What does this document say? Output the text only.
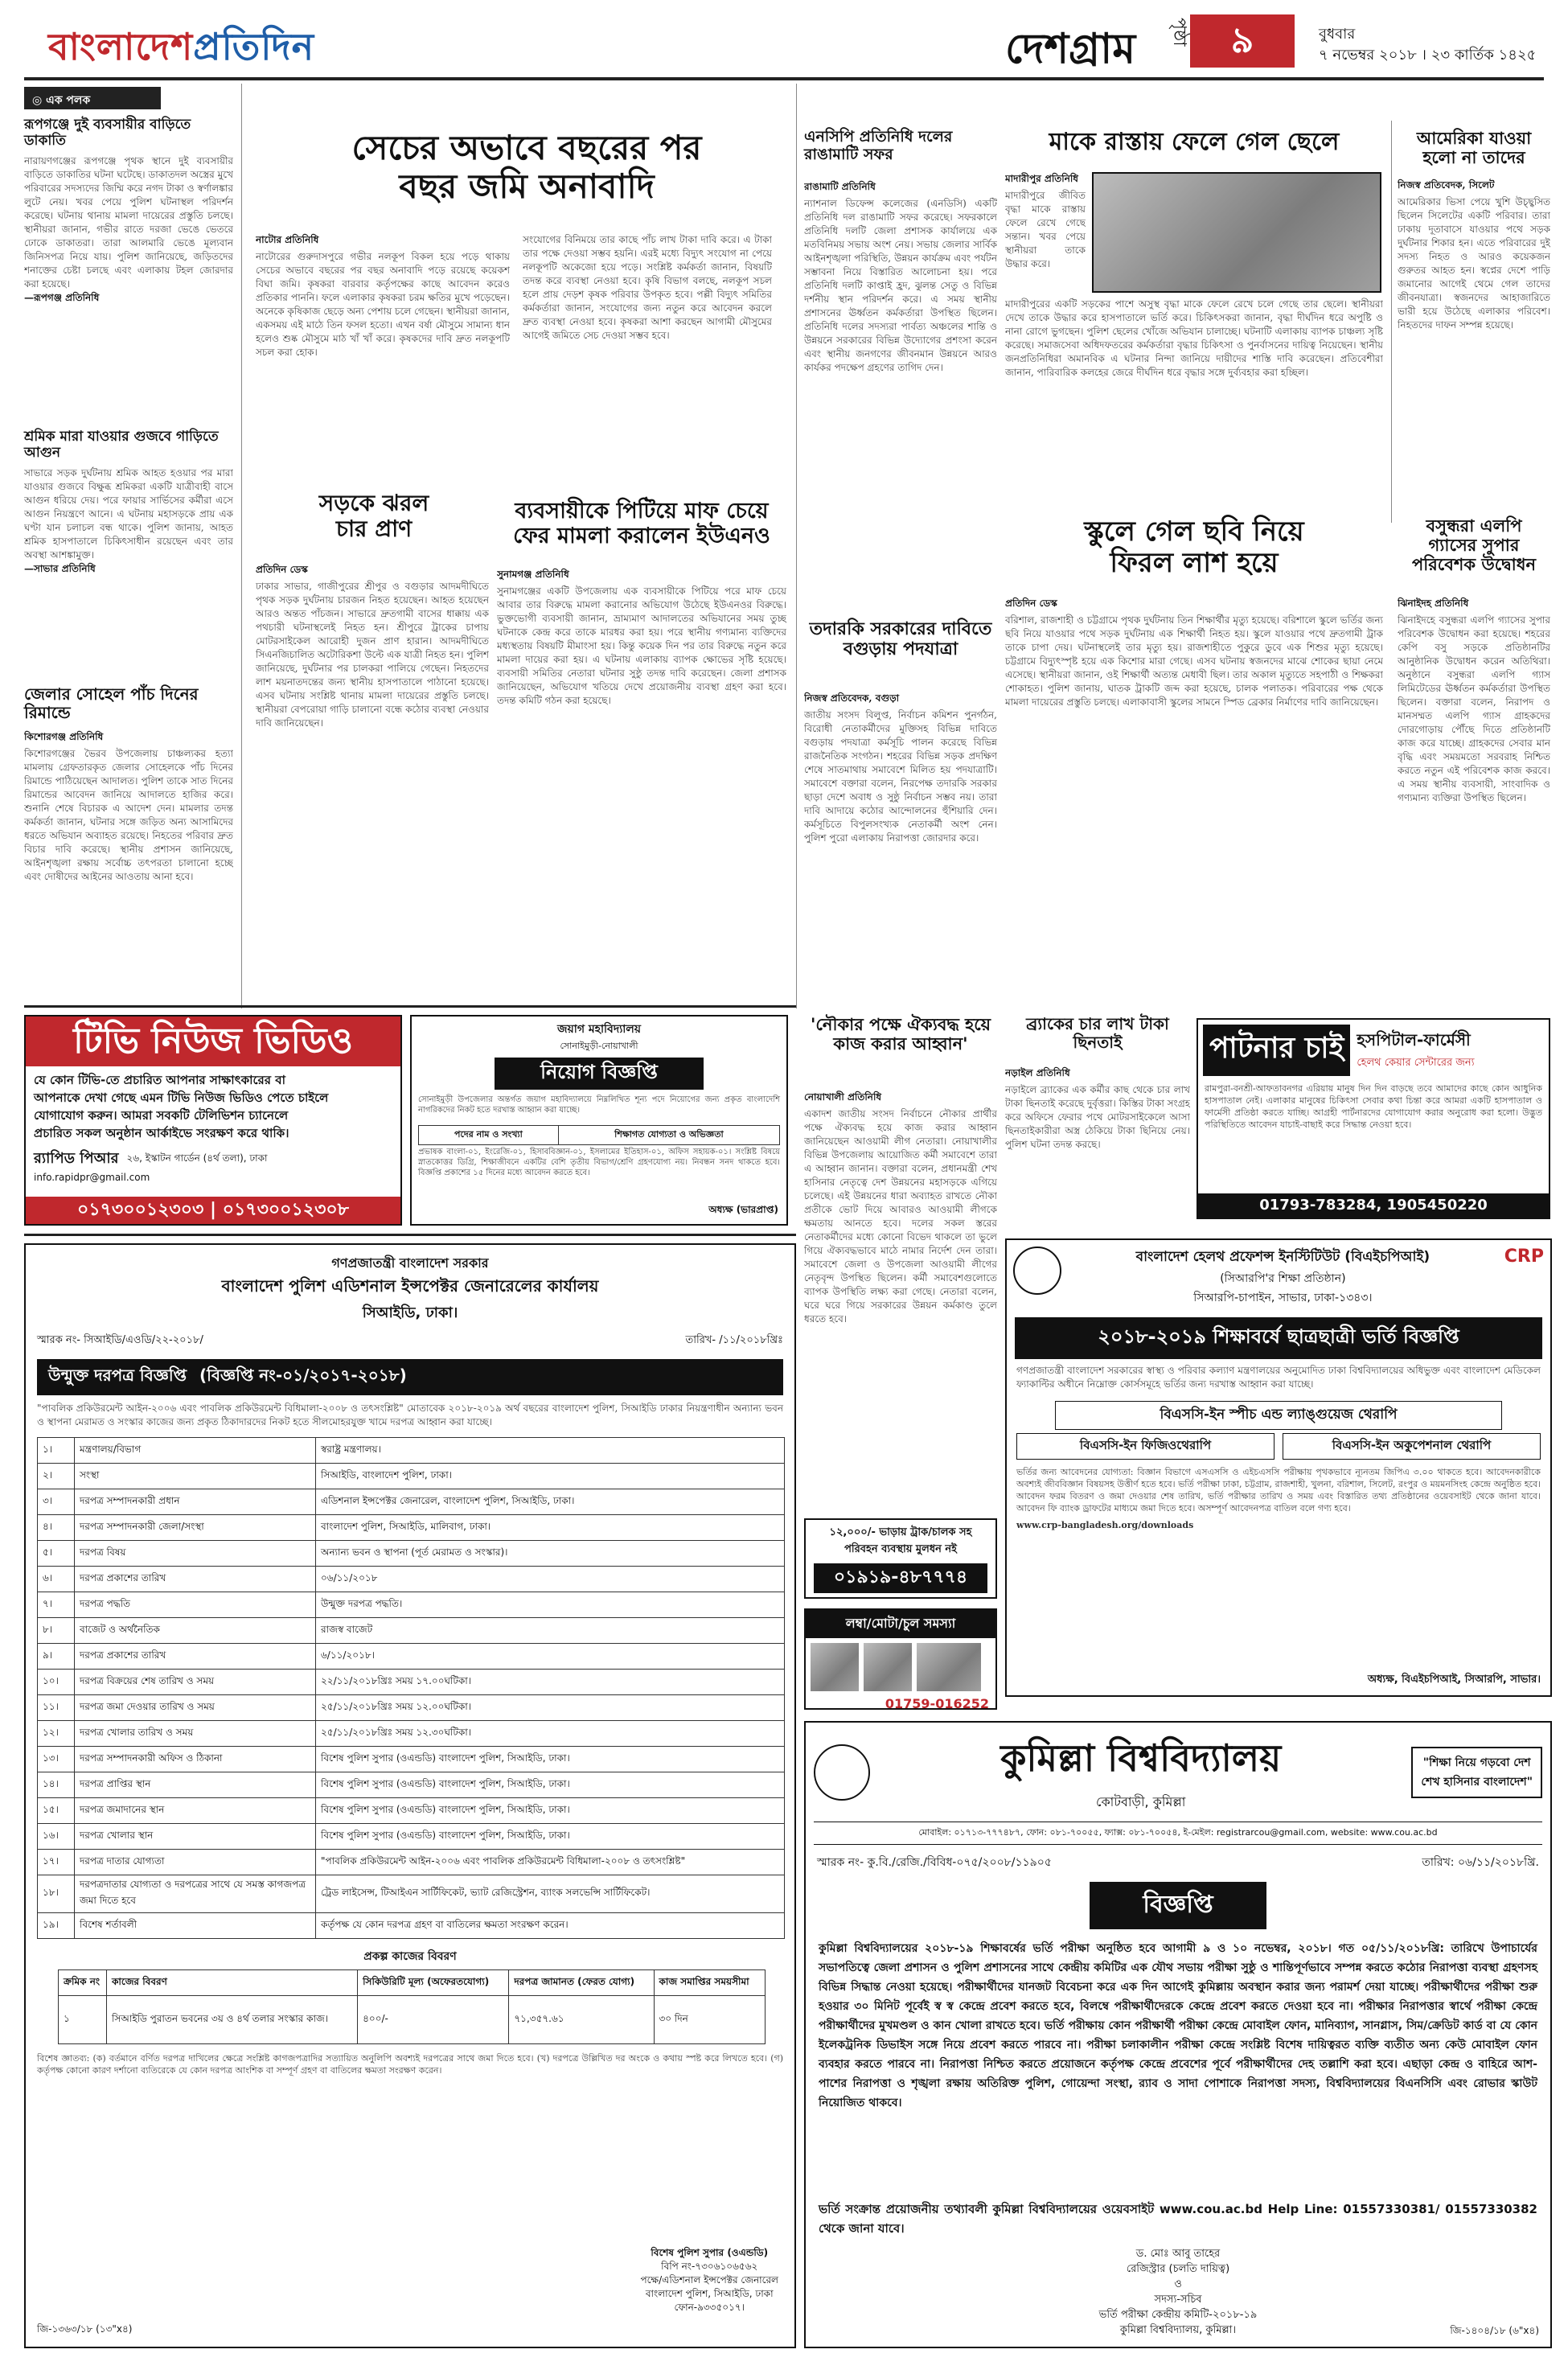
বাংলাদেশপ্রতিদিন	দেশগ্রাম পৃষ্ঠা	৯	বুধবার
৭ নভেম্বর ২০১৮ । ২৩ কার্তিক ১৪২৫
◎ এক পলক
রূপগঞ্জে দুই ব্যবসায়ীর বাড়িতে ডাকাতি
নারায়ণগঞ্জের রূপগঞ্জে পৃথক স্থানে দুই ব্যবসায়ীর বাড়িতে ডাকাতির ঘটনা ঘটেছে। ডাকাতদল অস্ত্রের মুখে পরিবারের সদস্যদের জিম্মি করে নগদ টাকা ও স্বর্ণালঙ্কার লুটে নেয়। খবর পেয়ে পুলিশ ঘটনাস্থল পরিদর্শন করেছে। ঘটনায় থানায় মামলা দায়েরের প্রস্তুতি চলছে। স্থানীয়রা জানান, গভীর রাতে দরজা ভেঙে ভেতরে ঢোকে ডাকাতরা। তারা আলমারি ভেঙে মূল্যবান জিনিসপত্র নিয়ে যায়। পুলিশ জানিয়েছে, জড়িতদের শনাক্তের চেষ্টা চলছে এবং এলাকায় টহল জোরদার করা হয়েছে।
—রূপগঞ্জ প্রতিনিধি
শ্রমিক মারা যাওয়ার গুজবে গাড়িতে আগুন
সাভারে সড়ক দুর্ঘটনায় শ্রমিক আহত হওয়ার পর মারা যাওয়ার গুজবে বিক্ষুব্ধ শ্রমিকরা একটি যাত্রীবাহী বাসে আগুন ধরিয়ে দেয়। পরে ফায়ার সার্ভিসের কর্মীরা এসে আগুন নিয়ন্ত্রণে আনে। এ ঘটনায় মহাসড়কে প্রায় এক ঘণ্টা যান চলাচল বন্ধ থাকে। পুলিশ জানায়, আহত শ্রমিক হাসপাতালে চিকিৎসাধীন রয়েছেন এবং তার অবস্থা আশঙ্কামুক্ত।
—সাভার প্রতিনিধি
জেলার সোহেল পাঁচ দিনের রিমান্ডে
কিশোরগঞ্জ প্রতিনিধি
কিশোরগঞ্জের ভৈরব উপজেলায় চাঞ্চল্যকর হত্যা মামলায় গ্রেফতারকৃত জেলার সোহেলকে পাঁচ দিনের রিমান্ডে পাঠিয়েছেন আদালত। পুলিশ তাকে সাত দিনের রিমান্ডের আবেদন জানিয়ে আদালতে হাজির করে। শুনানি শেষে বিচারক এ আদেশ দেন। মামলার তদন্ত কর্মকর্তা জানান, ঘটনার সঙ্গে জড়িত অন্য আসামিদের ধরতে অভিযান অব্যাহত রয়েছে। নিহতের পরিবার দ্রুত বিচার দাবি করেছে। স্থানীয় প্রশাসন জানিয়েছে, আইনশৃঙ্খলা রক্ষায় সর্বোচ্চ তৎপরতা চালানো হচ্ছে এবং দোষীদের আইনের আওতায় আনা হবে।
সেচের অভাবে বছরের পর
বছর জমি অনাবাদি
নাটোর প্রতিনিধি
নাটোরের গুরুদাসপুরে গভীর নলকূপ বিকল হয়ে পড়ে থাকায় সেচের অভাবে বছরের পর বছর অনাবাদি পড়ে রয়েছে কয়েকশ বিঘা জমি। কৃষকরা বারবার কর্তৃপক্ষের কাছে আবেদন করেও প্রতিকার পাননি। ফলে এলাকার কৃষকরা চরম ক্ষতির মুখে পড়েছেন। অনেকে কৃষিকাজ ছেড়ে অন্য পেশায় চলে গেছেন। স্থানীয়রা জানান, একসময় এই মাঠে তিন ফসল হতো। এখন বর্ষা মৌসুমে সামান্য ধান হলেও শুষ্ক মৌসুমে মাঠ খাঁ খাঁ করে। কৃষকদের দাবি দ্রুত নলকূপটি সচল করা হোক।
সংযোগের বিনিময়ে তার কাছে পাঁচ লাখ টাকা দাবি করে। এ টাকা তার পক্ষে দেওয়া সম্ভব হয়নি। এরই মধ্যে বিদ্যুৎ সংযোগ না পেয়ে নলকূপটি অকেজো হয়ে পড়ে। সংশ্লিষ্ট কর্মকর্তা জানান, বিষয়টি তদন্ত করে ব্যবস্থা নেওয়া হবে। কৃষি বিভাগ বলছে, নলকূপ সচল হলে প্রায় দেড়শ কৃষক পরিবার উপকৃত হবে। পল্লী বিদ্যুৎ সমিতির কর্মকর্তারা জানান, সংযোগের জন্য নতুন করে আবেদন করলে দ্রুত ব্যবস্থা নেওয়া হবে। কৃষকরা আশা করছেন আগামী মৌসুমের আগেই জমিতে সেচ দেওয়া সম্ভব হবে।
সড়কে ঝরল
চার প্রাণ
প্রতিদিন ডেস্ক
ঢাকার সাভার, গাজীপুরের শ্রীপুর ও বগুড়ার আদমদীঘিতে পৃথক সড়ক দুর্ঘটনায় চারজন নিহত হয়েছেন। আহত হয়েছেন আরও অন্তত পাঁচজন। সাভারে দ্রুতগামী বাসের ধাক্কায় এক পথচারী ঘটনাস্থলেই নিহত হন। শ্রীপুরে ট্রাকের চাপায় মোটরসাইকেল আরোহী দুজন প্রাণ হারান। আদমদীঘিতে সিএনজিচালিত অটোরিকশা উল্টে এক যাত্রী নিহত হন। পুলিশ জানিয়েছে, দুর্ঘটনার পর চালকরা পালিয়ে গেছেন। নিহতদের লাশ ময়নাতদন্তের জন্য স্থানীয় হাসপাতালে পাঠানো হয়েছে। এসব ঘটনায় সংশ্লিষ্ট থানায় মামলা দায়েরের প্রস্তুতি চলছে। স্থানীয়রা বেপরোয়া গাড়ি চালানো বন্ধে কঠোর ব্যবস্থা নেওয়ার দাবি জানিয়েছেন।
ব্যবসায়ীকে পিটিয়ে মাফ চেয়ে
ফের মামলা করালেন ইউএনও
সুনামগঞ্জ প্রতিনিধি
সুনামগঞ্জের একটি উপজেলায় এক ব্যবসায়ীকে পিটিয়ে পরে মাফ চেয়ে আবার তার বিরুদ্ধে মামলা করানোর অভিযোগ উঠেছে ইউএনওর বিরুদ্ধে। ভুক্তভোগী ব্যবসায়ী জানান, ভ্রাম্যমাণ আদালতের অভিযানের সময় তুচ্ছ ঘটনাকে কেন্দ্র করে তাকে মারধর করা হয়। পরে স্থানীয় গণ্যমান্য ব্যক্তিদের মধ্যস্থতায় বিষয়টি মীমাংসা হয়। কিন্তু কয়েক দিন পর তার বিরুদ্ধে নতুন করে মামলা দায়ের করা হয়। এ ঘটনায় এলাকায় ব্যাপক ক্ষোভের সৃষ্টি হয়েছে। ব্যবসায়ী সমিতির নেতারা ঘটনার সুষ্ঠু তদন্ত দাবি করেছেন। জেলা প্রশাসক জানিয়েছেন, অভিযোগ খতিয়ে দেখে প্রয়োজনীয় ব্যবস্থা গ্রহণ করা হবে। তদন্ত কমিটি গঠন করা হয়েছে।
এনসিপি প্রতিনিধি দলের রাঙামাটি সফর
রাঙামাটি প্রতিনিধি
ন্যাশনাল ডিফেন্স কলেজের (এনডিসি) একটি প্রতিনিধি দল রাঙামাটি সফর করেছে। সফরকালে প্রতিনিধি দলটি জেলা প্রশাসক কার্যালয়ে এক মতবিনিময় সভায় অংশ নেয়। সভায় জেলার সার্বিক আইনশৃঙ্খলা পরিস্থিতি, উন্নয়ন কার্যক্রম এবং পর্যটন সম্ভাবনা নিয়ে বিস্তারিত আলোচনা হয়। পরে প্রতিনিধি দলটি কাপ্তাই হ্রদ, ঝুলন্ত সেতু ও বিভিন্ন দর্শনীয় স্থান পরিদর্শন করে। এ সময় স্থানীয় প্রশাসনের ঊর্ধ্বতন কর্মকর্তারা উপস্থিত ছিলেন। প্রতিনিধি দলের সদস্যরা পার্বত্য অঞ্চলের শান্তি ও উন্নয়নে সরকারের বিভিন্ন উদ্যোগের প্রশংসা করেন এবং স্থানীয় জনগণের জীবনমান উন্নয়নে আরও কার্যকর পদক্ষেপ গ্রহণের তাগিদ দেন।
তদারকি সরকারের দাবিতে বগুড়ায় পদযাত্রা
নিজস্ব প্রতিবেদক, বগুড়া
জাতীয় সংসদ বিলুপ্ত, নির্বাচন কমিশন পুনর্গঠন, বিরোধী নেতাকর্মীদের মুক্তিসহ বিভিন্ন দাবিতে বগুড়ায় পদযাত্রা কর্মসূচি পালন করেছে বিভিন্ন রাজনৈতিক সংগঠন। শহরের বিভিন্ন সড়ক প্রদক্ষিণ শেষে সাতমাথায় সমাবেশে মিলিত হয় পদযাত্রাটি। সমাবেশে বক্তারা বলেন, নিরপেক্ষ তদারকি সরকার ছাড়া দেশে অবাধ ও সুষ্ঠু নির্বাচন সম্ভব নয়। তারা দাবি আদায়ে কঠোর আন্দোলনের হুঁশিয়ারি দেন। কর্মসূচিতে বিপুলসংখ্যক নেতাকর্মী অংশ নেন। পুলিশ পুরো এলাকায় নিরাপত্তা জোরদার করে।
মাকে রাস্তায় ফেলে গেল ছেলে
মাদারীপুর প্রতিনিধি
মাদারীপুরে জীবিত বৃদ্ধা মাকে রাস্তায় ফেলে রেখে গেছে সন্তান। খবর পেয়ে স্থানীয়রা তাকে উদ্ধার করে।
মাদারীপুরের একটি সড়কের পাশে অসুস্থ বৃদ্ধা মাকে ফেলে রেখে চলে গেছে তার ছেলে। স্থানীয়রা দেখে তাকে উদ্ধার করে হাসপাতালে ভর্তি করে। চিকিৎসকরা জানান, বৃদ্ধা দীর্ঘদিন ধরে অপুষ্টি ও নানা রোগে ভুগছেন। পুলিশ ছেলের খোঁজে অভিযান চালাচ্ছে। ঘটনাটি এলাকায় ব্যাপক চাঞ্চল্য সৃষ্টি করেছে। সমাজসেবা অধিদফতরের কর্মকর্তারা বৃদ্ধার চিকিৎসা ও পুনর্বাসনের দায়িত্ব নিয়েছেন। স্থানীয় জনপ্রতিনিধিরা অমানবিক এ ঘটনার নিন্দা জানিয়ে দায়ীদের শাস্তি দাবি করেছেন। প্রতিবেশীরা জানান, পারিবারিক কলহের জেরে দীর্ঘদিন ধরে বৃদ্ধার সঙ্গে দুর্ব্যবহার করা হচ্ছিল।
আমেরিকা যাওয়া
হলো না তাদের
নিজস্ব প্রতিবেদক, সিলেট
আমেরিকার ভিসা পেয়ে খুশি উচ্ছ্বসিত ছিলেন সিলেটের একটি পরিবার। তারা ঢাকায় দূতাবাসে যাওয়ার পথে সড়ক দুর্ঘটনার শিকার হন। এতে পরিবারের দুই সদস্য নিহত ও আরও কয়েকজন গুরুতর আহত হন। স্বপ্নের দেশে পাড়ি জমানোর আগেই থেমে গেল তাদের জীবনযাত্রা। স্বজনদের আহাজারিতে ভারী হয়ে উঠেছে এলাকার পরিবেশ। নিহতদের দাফন সম্পন্ন হয়েছে।
স্কুলে গেল ছবি নিয়ে
ফিরল লাশ হয়ে
প্রতিদিন ডেস্ক
বরিশাল, রাজশাহী ও চট্টগ্রামে পৃথক দুর্ঘটনায় তিন শিক্ষার্থীর মৃত্যু হয়েছে। বরিশালে স্কুলে ভর্তির জন্য ছবি নিয়ে যাওয়ার পথে সড়ক দুর্ঘটনায় এক শিক্ষার্থী নিহত হয়। স্কুলে যাওয়ার পথে দ্রুতগামী ট্রাক তাকে চাপা দেয়। ঘটনাস্থলেই তার মৃত্যু হয়। রাজশাহীতে পুকুরে ডুবে এক শিশুর মৃত্যু হয়েছে। চট্টগ্রামে বিদ্যুৎস্পৃষ্ট হয়ে এক কিশোর মারা গেছে। এসব ঘটনায় স্বজনদের মাঝে শোকের ছায়া নেমে এসেছে। স্থানীয়রা জানান, ওই শিক্ষার্থী অত্যন্ত মেধাবী ছিল। তার অকাল মৃত্যুতে সহপাঠী ও শিক্ষকরা শোকাহত। পুলিশ জানায়, ঘাতক ট্রাকটি জব্দ করা হয়েছে, চালক পলাতক। পরিবারের পক্ষ থেকে মামলা দায়েরের প্রস্তুতি চলছে। এলাকাবাসী স্কুলের সামনে স্পিড ব্রেকার নির্মাণের দাবি জানিয়েছেন।
বসুন্ধরা এলপি
গ্যাসের সুপার
পরিবেশক উদ্বোধন
ঝিনাইদহ প্রতিনিধি
ঝিনাইদহে বসুন্ধরা এলপি গ্যাসের সুপার পরিবেশক উদ্বোধন করা হয়েছে। শহরের কেপি বসু সড়কে প্রতিষ্ঠানটির আনুষ্ঠানিক উদ্বোধন করেন অতিথিরা। অনুষ্ঠানে বসুন্ধরা এলপি গ্যাস লিমিটেডের ঊর্ধ্বতন কর্মকর্তারা উপস্থিত ছিলেন। বক্তারা বলেন, নিরাপদ ও মানসম্মত এলপি গ্যাস গ্রাহকদের দোরগোড়ায় পৌঁছে দিতে প্রতিষ্ঠানটি কাজ করে যাচ্ছে। গ্রাহকদের সেবার মান বৃদ্ধি এবং সময়মতো সরবরাহ নিশ্চিত করতে নতুন এই পরিবেশক কাজ করবে। এ সময় স্থানীয় ব্যবসায়ী, সাংবাদিক ও গণ্যমান্য ব্যক্তিরা উপস্থিত ছিলেন।
টিভি নিউজ ভিডিও
যে কোন টিভি-তে প্রচারিত আপনার সাক্ষাৎকারের বা
আপনাকে দেখা গেছে এমন টিভি নিউজ ভিডিও পেতে চাইলে
যোগাযোগ করুন। আমরা সবকটি টেলিভিশন চ্যানেলে
প্রচারিত সকল অনুষ্ঠান আর্কাইভে সংরক্ষণ করে থাকি।
র‍্যাপিড পিআর ২৬, ইস্কাটন গার্ডেন (৪র্থ তলা), ঢাকা
info.rapidpr@gmail.com
০১৭৩০০১২৩০৩ | ০১৭৩০০১২৩০৮
জয়াগ মহাবিদ্যালয়
সোনাইমুড়ী-নোয়াখালী
নিয়োগ বিজ্ঞপ্তি
সোনাইমুড়ী উপজেলার অন্তর্গত জয়াগ মহাবিদ্যালয়ে নিম্নলিখিত শূন্য পদে নিয়োগের জন্য প্রকৃত বাংলাদেশি নাগরিকদের নিকট হতে দরখাস্ত আহ্বান করা যাচ্ছে।
পদের নাম ও সংখ্যা	শিক্ষাগত যোগ্যতা ও অভিজ্ঞতা
প্রভাষক বাংলা-০১, ইংরেজি-০১, হিসাববিজ্ঞান-০১, ইসলামের ইতিহাস-০১, অফিস সহায়ক-০১। সংশ্লিষ্ট বিষয়ে স্নাতকোত্তর ডিগ্রি, শিক্ষাজীবনে একটির বেশি তৃতীয় বিভাগ/শ্রেণি গ্রহণযোগ্য নয়। নিবন্ধন সনদ থাকতে হবে। বিজ্ঞপ্তি প্রকাশের ১৫ দিনের মধ্যে আবেদন করতে হবে।
অধ্যক্ষ (ভারপ্রাপ্ত)
'নৌকার পক্ষে ঐক্যবদ্ধ হয়ে কাজ করার আহ্বান'
নোয়াখালী প্রতিনিধি
একাদশ জাতীয় সংসদ নির্বাচনে নৌকার প্রার্থীর পক্ষে ঐক্যবদ্ধ হয়ে কাজ করার আহ্বান জানিয়েছেন আওয়ামী লীগ নেতারা। নোয়াখালীর বিভিন্ন উপজেলায় আয়োজিত কর্মী সমাবেশে তারা এ আহ্বান জানান। বক্তারা বলেন, প্রধানমন্ত্রী শেখ হাসিনার নেতৃত্বে দেশ উন্নয়নের মহাসড়কে এগিয়ে চলেছে। এই উন্নয়নের ধারা অব্যাহত রাখতে নৌকা প্রতীকে ভোট দিয়ে আবারও আওয়ামী লীগকে ক্ষমতায় আনতে হবে। দলের সকল স্তরের নেতাকর্মীদের মধ্যে কোনো বিভেদ থাকলে তা ভুলে গিয়ে ঐক্যবদ্ধভাবে মাঠে নামার নির্দেশ দেন তারা। সমাবেশে জেলা ও উপজেলা আওয়ামী লীগের নেতৃবৃন্দ উপস্থিত ছিলেন। কর্মী সমাবেশগুলোতে ব্যাপক উপস্থিতি লক্ষ্য করা গেছে। নেতারা বলেন, ঘরে ঘরে গিয়ে সরকারের উন্নয়ন কর্মকাণ্ড তুলে ধরতে হবে।
ব্র্যাকের চার লাখ টাকা ছিনতাই
নড়াইল প্রতিনিধি
নড়াইলে ব্র্যাকের এক কর্মীর কাছ থেকে চার লাখ টাকা ছিনতাই করেছে দুর্বৃত্তরা। কিস্তির টাকা সংগ্রহ করে অফিসে ফেরার পথে মোটরসাইকেলে আসা ছিনতাইকারীরা অস্ত্র ঠেকিয়ে টাকা ছিনিয়ে নেয়। পুলিশ ঘটনা তদন্ত করছে।
পাটনার চাই হসপিটাল-ফার্মেসী
হেলথ কেয়ার সেন্টারের জন্য
রামপুরা-বনশ্রী-আফতাবনগর এরিয়ায় মানুষ দিন দিন বাড়ছে তবে আমাদের কাছে কোন আধুনিক হাসপাতাল নেই। এলাকার মানুষের চিকিৎসা সেবার কথা চিন্তা করে আমরা একটি হাসপাতাল ও ফার্মেসী প্রতিষ্ঠা করতে যাচ্ছি। আগ্রহী পার্টনারদের যোগাযোগ করার অনুরোধ করা হলো। উদ্ভুত পরিস্থিতিতে আবেদন যাচাই-বাছাই করে সিদ্ধান্ত নেওয়া হবে।
01793-783284, 1905450220
১২,০০০/- ভাড়ায় ট্রাক/চালক সহ
পরিবহন ব্যবস্থায় মুলধন নই
০১৯১৯-৪৮৭৭৭৪
লম্বা/মোটা/চুল সমস্যা
01759-016252
বাংলাদেশ হেলথ প্রফেশন্স ইনস্টিটিউট (বিএইচপিআই)
(সিআরপি'র শিক্ষা প্রতিষ্ঠান)
সিআরপি-চাপাইন, সাভার, ঢাকা-১৩৪৩।
CRP
২০১৮-২০১৯ শিক্ষাবর্ষে ছাত্রছাত্রী ভর্তি বিজ্ঞপ্তি
গণপ্রজাতন্ত্রী বাংলাদেশ সরকারের স্বাস্থ্য ও পরিবার কল্যাণ মন্ত্রণালয়ের অনুমোদিত ঢাকা বিশ্ববিদ্যালয়ের অধিভুক্ত এবং বাংলাদেশ মেডিকেল ফ্যাকাল্টির অধীনে নিম্নোক্ত কোর্সসমূহে ভর্তির জন্য দরখাস্ত আহ্বান করা যাচ্ছে।
বিএসসি-ইন স্পীচ এন্ড ল্যাঙ্গুয়েজ থেরাপি
বিএসসি-ইন ফিজিওথেরাপি	বিএসসি-ইন অকুপেশনাল থেরাপি
ভর্তির জন্য আবেদনের যোগ্যতা: বিজ্ঞান বিভাগে এসএসসি ও এইচএসসি পরীক্ষায় পৃথকভাবে ন্যূনতম জিপিএ ৩.০০ থাকতে হবে। আবেদনকারীকে অবশ্যই জীববিজ্ঞান বিষয়সহ উত্তীর্ণ হতে হবে। ভর্তি পরীক্ষা ঢাকা, চট্টগ্রাম, রাজশাহী, খুলনা, বরিশাল, সিলেট, রংপুর ও ময়মনসিংহ কেন্দ্রে অনুষ্ঠিত হবে। আবেদন ফরম বিতরণ ও জমা দেওয়ার শেষ তারিখ, ভর্তি পরীক্ষার তারিখ ও সময় এবং বিস্তারিত তথ্য প্রতিষ্ঠানের ওয়েবসাইট থেকে জানা যাবে। আবেদন ফি ব্যাংক ড্রাফটের মাধ্যমে জমা দিতে হবে। অসম্পূর্ণ আবেদনপত্র বাতিল বলে গণ্য হবে।
www.crp-bangladesh.org/downloads
অধ্যক্ষ, বিএইচপিআই, সিআরপি, সাভার।
গণপ্রজাতন্ত্রী বাংলাদেশ সরকার
বাংলাদেশ পুলিশ এডিশনাল ইন্সপেক্টর জেনারেলের কার্যালয়
সিআইডি, ঢাকা।
স্মারক নং- সিআইডি/এওডি/২২-২০১৮/	তারিখ- /১১/২০১৮খ্রিঃ
উন্মুক্ত দরপত্র বিজ্ঞপ্তি (বিজ্ঞপ্তি নং-০১/২০১৭-২০১৮)
"পাবলিক প্রকিউরমেন্ট আইন-২০০৬ এবং পাবলিক প্রকিউরমেন্ট বিধিমালা-২০০৮ ও তৎসংশ্লিষ্ট" মোতাবেক ২০১৮-২০১৯ অর্থ বছরের বাংলাদেশ পুলিশ, সিআইডি ঢাকার নিয়ন্ত্রণাধীন অন্যান্য ভবন ও স্থাপনা মেরামত ও সংস্কার কাজের জন্য প্রকৃত ঠিকাদারদের নিকট হতে সীলমোহরযুক্ত খামে দরপত্র আহ্বান করা যাচ্ছে।
১।	মন্ত্রণালয়/বিভাগ	স্বরাষ্ট্র মন্ত্রণালয়।
২।	সংস্থা	সিআইডি, বাংলাদেশ পুলিশ, ঢাকা।
৩।	দরপত্র সম্পাদনকারী প্রধান	এডিশনাল ইন্সপেক্টর জেনারেল, বাংলাদেশ পুলিশ, সিআইডি, ঢাকা।
৪।	দরপত্র সম্পাদনকারী জেলা/সংস্থা	বাংলাদেশ পুলিশ, সিআইডি, মালিবাগ, ঢাকা।
৫।	দরপত্র বিষয়	অন্যান্য ভবন ও স্থাপনা (পূর্ত মেরামত ও সংস্কার)।
৬।	দরপত্র প্রকাশের তারিখ	০৬/১১/২০১৮
৭।	দরপত্র পদ্ধতি	উন্মুক্ত দরপত্র পদ্ধতি।
৮।	বাজেট ও অর্থনৈতিক	রাজস্ব বাজেট
৯।	দরপত্র প্রকাশের তারিখ	৬/১১/২০১৮।
১০।	দরপত্র বিক্রয়ের শেষ তারিখ ও সময়	২২/১১/২০১৮খ্রিঃ সময় ১৭.০০ঘটিকা।
১১।	দরপত্র জমা দেওয়ার তারিখ ও সময়	২৫/১১/২০১৮খ্রিঃ সময় ১২.০০ঘটিকা।
১২।	দরপত্র খোলার তারিখ ও সময়	২৫/১১/২০১৮খ্রিঃ সময় ১২.৩০ঘটিকা।
১৩।	দরপত্র সম্পাদনকারী অফিস ও ঠিকানা	বিশেষ পুলিশ সুপার (ওএন্ডডি) বাংলাদেশ পুলিশ, সিআইডি, ঢাকা।
১৪।	দরপত্র প্রাপ্তির স্থান	বিশেষ পুলিশ সুপার (ওএন্ডডি) বাংলাদেশ পুলিশ, সিআইডি, ঢাকা।
১৫।	দরপত্র জমাদানের স্থান	বিশেষ পুলিশ সুপার (ওএন্ডডি) বাংলাদেশ পুলিশ, সিআইডি, ঢাকা।
১৬।	দরপত্র খোলার স্থান	বিশেষ পুলিশ সুপার (ওএন্ডডি) বাংলাদেশ পুলিশ, সিআইডি, ঢাকা।
১৭।	দরপত্র দাতার যোগ্যতা	"পাবলিক প্রকিউরমেন্ট আইন-২০০৬ এবং পাবলিক প্রকিউরমেন্ট বিধিমালা-২০০৮ ও তৎসংশ্লিষ্ট"
১৮।	দরপত্রদাতার যোগ্যতা ও দরপত্রের সাথে যে সমস্ত কাগজপত্র জমা দিতে হবে	ট্রেড লাইসেন্স, টিআইএন সার্টিফিকেট, ভ্যাট রেজিস্ট্রেশন, ব্যাংক সলভেন্সি সার্টিফিকেট।
১৯।	বিশেষ শর্তাবলী	কর্তৃপক্ষ যে কোন দরপত্র গ্রহণ বা বাতিলের ক্ষমতা সংরক্ষণ করেন।
প্রকল্প কাজের বিবরণ
ক্রমিক নং	কাজের বিবরণ	সিকিউরিটি মূল্য (অফেরতযোগ্য)	দরপত্র জামানত (ফেরত যোগ্য)	কাজ সমাপ্তির সময়সীমা
১	সিআইডি পুরাতন ভবনের ৩য় ও ৪র্থ তলার সংস্কার কাজ।	৪০০/-	৭১,৩৫৭.৬১	৩০ দিন
বিশেষ জ্ঞাতব্য: (ক) বর্তমানে বর্ণিত দরপত্র দাখিলের ক্ষেত্রে সংশ্লিষ্ট কাগজপত্রাদির সত্যায়িত অনুলিপি অবশ্যই দরপত্রের সাথে জমা দিতে হবে। (খ) দরপত্রে উল্লিখিত দর অংকে ও কথায় স্পষ্ট করে লিখতে হবে। (গ) কর্তৃপক্ষ কোনো কারণ দর্শানো ব্যতিরেকে যে কোন দরপত্র আংশিক বা সম্পূর্ণ গ্রহণ বা বাতিলের ক্ষমতা সংরক্ষণ করেন।
বিশেষ পুলিশ সুপার (ওএন্ডডি)
বিপি নং-৭৩০৬১০৬৫৬২
পক্ষে/এডিশনাল ইন্সপেক্টর জেনারেল
বাংলাদেশ পুলিশ, সিআইডি, ঢাকা
ফোন-৯৩৩৫০১৭।
জি-১৩৬৩/১৮ (১৩"x৪)
কুমিল্লা বিশ্ববিদ্যালয়
কোটবাড়ী, কুমিল্লা
"শিক্ষা নিয়ে গড়বো দেশ
শেখ হাসিনার বাংলাদেশ"
মোবাইল: ০১৭১৩-৭৭৭৪৮৭, ফোন: ০৮১-৭০০৫৫, ফ্যাক্স: ০৮১-৭০০৫৪, ই-মেইল: registrarcou@gmail.com, website: www.cou.ac.bd
স্মারক নং- কু.বি./রেজি./বিবিধ-০৭৫/২০০৮/১১৯০৫	তারিখ: ০৬/১১/২০১৮খ্রি.
বিজ্ঞপ্তি
কুমিল্লা বিশ্ববিদ্যালয়ের ২০১৮-১৯ শিক্ষাবর্ষের ভর্তি পরীক্ষা অনুষ্ঠিত হবে আগামী ৯ ও ১০ নভেম্বর, ২০১৮। গত ০৫/১১/২০১৮খ্রি: তারিখে উপাচার্যের সভাপতিত্বে জেলা প্রশাসন ও পুলিশ প্রশাসনের সাথে কেন্দ্রীয় কমিটির এক যৌথ সভায় পরীক্ষা সুষ্ঠু ও শান্তিপূর্ণভাবে সম্পন্ন করতে কঠোর নিরাপত্তা ব্যবস্থা গ্রহণসহ বিভিন্ন সিদ্ধান্ত নেওয়া হয়েছে। পরীক্ষার্থীদের যানজট বিবেচনা করে এক দিন আগেই কুমিল্লায় অবস্থান করার জন্য পরামর্শ দেয়া যাচ্ছে। পরীক্ষার্থীদের পরীক্ষা শুরু হওয়ার ৩০ মিনিট পূর্বেই স্ব স্ব কেন্দ্রে প্রবেশ করতে হবে, বিলম্বে পরীক্ষার্থীদেরকে কেন্দ্রে প্রবেশ করতে দেওয়া হবে না। পরীক্ষার নিরাপত্তার স্বার্থে পরীক্ষা কেন্দ্রে পরীক্ষার্থীদের মুখমণ্ডল ও কান খোলা রাখতে হবে। ভর্তি পরীক্ষায় কোন পরীক্ষার্থী পরীক্ষা কেন্দ্রে মোবাইল ফোন, মানিব্যাগ, সানগ্লাস, সিম/ক্রেডিট কার্ড বা যে কোন ইলেকট্রনিক ডিভাইস সঙ্গে নিয়ে প্রবেশ করতে পারবে না। পরীক্ষা চলাকালীন পরীক্ষা কেন্দ্রে সংশ্লিষ্ট বিশেষ দায়িত্বরত ব্যক্তি ব্যতীত অন্য কেউ মোবাইল ফোন ব্যবহার করতে পারবে না। নিরাপত্তা নিশ্চিত করতে প্রয়োজনে কর্তৃপক্ষ কেন্দ্রে প্রবেশের পূর্বে পরীক্ষার্থীদের দেহ তল্লাশি করা হবে। এছাড়া কেন্দ্র ও বাহিরে আশ-পাশের নিরাপত্তা ও শৃঙ্খলা রক্ষায় অতিরিক্ত পুলিশ, গোয়েন্দা সংস্থা, র‍্যাব ও সাদা পোশাকে নিরাপত্তা সদস্য, বিশ্ববিদ্যালয়ের বিএনসিসি এবং রোভার স্কাউট নিয়োজিত থাকবে।
ভর্তি সংক্রান্ত প্রয়োজনীয় তথ্যাবলী কুমিল্লা বিশ্ববিদ্যালয়ের ওয়েবসাইট www.cou.ac.bd Help Line: 01557330381/ 01557330382 থেকে জানা যাবে।
ড. মোঃ আবু তাহের
রেজিস্ট্রার (চলতি দায়িত্ব)
ও
সদস্য-সচিব
ভর্তি পরীক্ষা কেন্দ্রীয় কমিটি-২০১৮-১৯
কুমিল্লা বিশ্ববিদ্যালয়, কুমিল্লা।	জি-১৪০৪/১৮ (৬"x৪)
